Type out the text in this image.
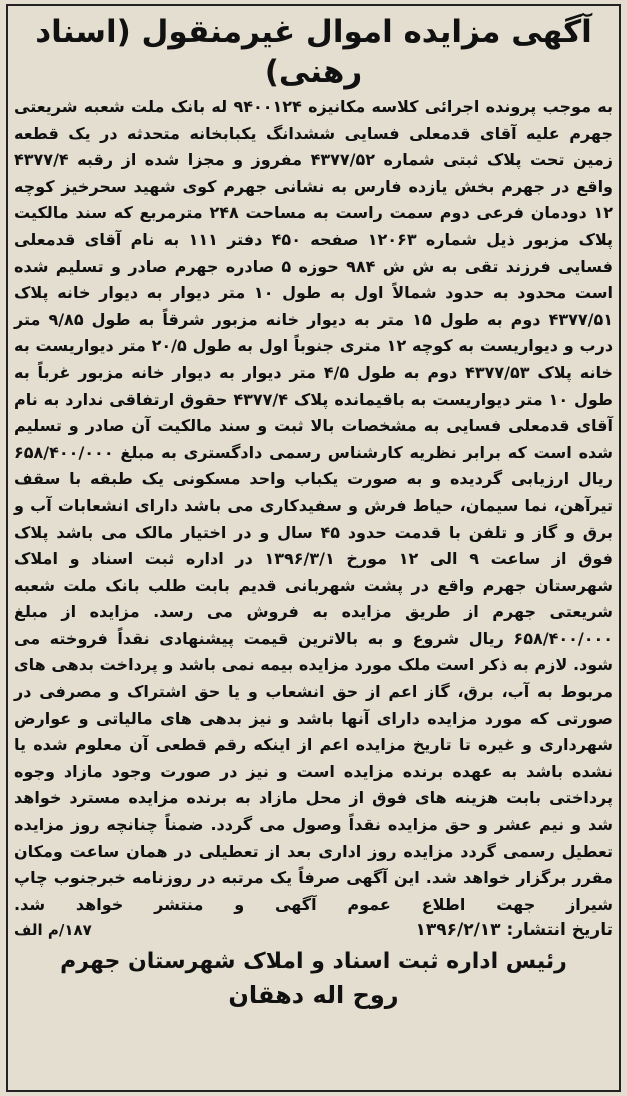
آگهی مزایده اموال غیرمنقول (اسناد رهنی)

به موجب پرونده اجرائی کلاسه مکانیزه ۹۴۰۰۱۲۴ له بانک ملت شعبه شریعتی جهرم علیه آقای قدمعلی فسایی ششدانگ یکبابخانه متحدثه در یک قطعه زمین تحت پلاک ثبتی شماره ۴۳۷۷/۵۲ مفروز و مجزا شده از رقبه ۴۳۷۷/۴ واقع در جهرم بخش یازده فارس به نشانی جهرم کوی شهید سحرخیز کوچه ۱۲ دودمان فرعی دوم سمت راست به مساحت ۲۴۸ مترمربع که سند مالکیت پلاک مزبور ذیل شماره ۱۲۰۶۳ صفحه ۴۵۰ دفتر ۱۱۱ به نام آقای قدمعلی فسایی فرزند تقی به ش ش ۹۸۴ حوزه ۵ صادره جهرم صادر و تسلیم شده است محدود به حدود شمالاً اول به طول ۱۰ متر دیوار به دیوار خانه پلاک ۴۳۷۷/۵۱ دوم به طول ۱۵ متر به دیوار خانه مزبور شرقاً به طول ۹/۸۵ متر درب و دیواریست به کوچه ۱۲ متری جنوباً اول به طول ۲۰/۵ متر دیواریست به خانه پلاک ۴۳۷۷/۵۳ دوم به طول ۴/۵ متر دیوار به دیوار خانه مزبور غرباً به طول ۱۰ متر دیواریست به باقیمانده پلاک ۴۳۷۷/۴ حقوق ارتفاقی ندارد به نام آقای قدمعلی فسایی به مشخصات بالا ثبت و سند مالکیت آن صادر و تسلیم شده است که برابر نظریه کارشناس رسمی دادگستری به مبلغ ۶۵۸/۴۰۰/۰۰۰ ریال ارزیابی گردیده و به صورت یکباب واحد مسکونی یک طبقه با سقف تیرآهن، نما سیمان، حیاط فرش و سفیدکاری می باشد دارای انشعابات آب و برق و گاز و تلفن با قدمت حدود ۴۵ سال و در اختیار مالک می باشد پلاک فوق از ساعت ۹ الی ۱۲ مورخ ۱۳۹۶/۳/۱ در اداره ثبت اسناد و املاک شهرستان جهرم واقع در پشت شهربانی قدیم بابت طلب بانک ملت شعبه شریعتی جهرم از طریق مزایده به فروش می رسد. مزایده از مبلغ ۶۵۸/۴۰۰/۰۰۰ ریال شروع و به بالاترین قیمت پیشنهادی نقداً فروخته می شود. لازم به ذکر است ملک مورد مزایده بیمه نمی باشد و پرداخت بدهی های مربوط به آب، برق، گاز اعم از حق انشعاب و یا حق اشتراک و مصرفی در صورتی که مورد مزایده دارای آنها باشد و نیز بدهی های مالیاتی و عوارض شهرداری و غیره تا تاریخ مزایده اعم از اینکه رقم قطعی آن معلوم شده یا نشده باشد به عهده برنده مزایده است و نیز در صورت وجود مازاد وجوه پرداختی بابت هزینه های فوق از محل مازاد به برنده مزایده مسترد خواهد شد و نیم عشر و حق مزایده نقداً وصول می گردد. ضمناً چنانچه روز مزایده تعطیل رسمی گردد مزایده روز اداری بعد از تعطیلی در همان ساعت ومکان مقرر برگزار خواهد شد. این آگهی صرفاً یک مرتبه در روزنامه خبرجنوب چاپ شیراز جهت اطلاع عموم آگهی و منتشر خواهد شد.

تاریخ انتشار: ۱۳۹۶/۲/۱۳
۱۸۷/م الف
رئیس اداره ثبت اسناد و املاک شهرستان جهرم
روح اله دهقان
